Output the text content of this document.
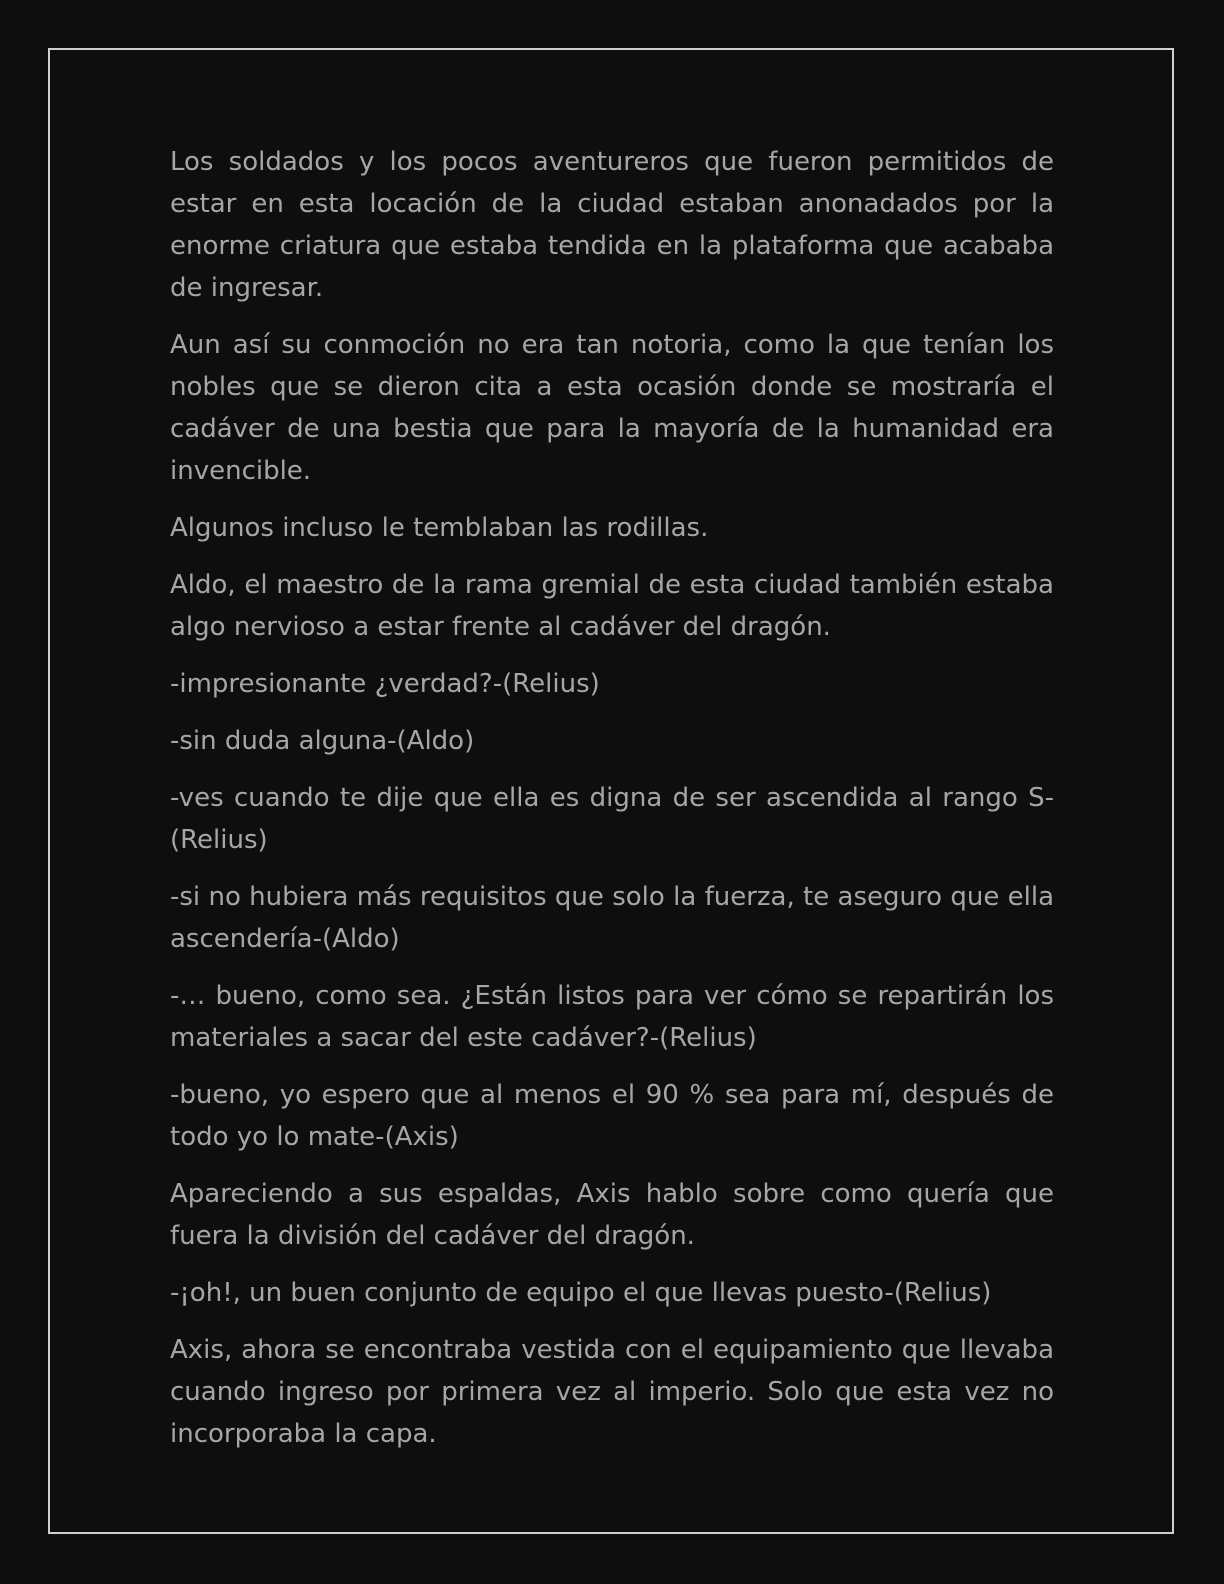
Los soldados y los pocos aventureros que fueron permitidos de estar en esta locación de la ciudad estaban anonadados por la enorme criatura que estaba tendida en la plataforma que acababa de ingresar.

Aun así su conmoción no era tan notoria, como la que tenían los nobles que se dieron cita a esta ocasión donde se mostraría el cadáver de una bestia que para la mayoría de la humanidad era invencible.

Algunos incluso le temblaban las rodillas.

Aldo, el maestro de la rama gremial de esta ciudad también estaba algo nervioso a estar frente al cadáver del dragón.

-impresionante ¿verdad?-(Relius)

-sin duda alguna-(Aldo)

-ves cuando te dije que ella es digna de ser ascendida al rango S-(Relius)

-si no hubiera más requisitos que solo la fuerza, te aseguro que ella ascendería-(Aldo)

-… bueno, como sea. ¿Están listos para ver cómo se repartirán los materiales a sacar del este cadáver?-(Relius)

-bueno, yo espero que al menos el 90 % sea para mí, después de todo yo lo mate-(Axis)

Apareciendo a sus espaldas, Axis hablo sobre como quería que fuera la división del cadáver del dragón.

-¡oh!, un buen conjunto de equipo el que llevas puesto-(Relius)

Axis, ahora se encontraba vestida con el equipamiento que llevaba cuando ingreso por primera vez al imperio. Solo que esta vez no incorporaba la capa.
